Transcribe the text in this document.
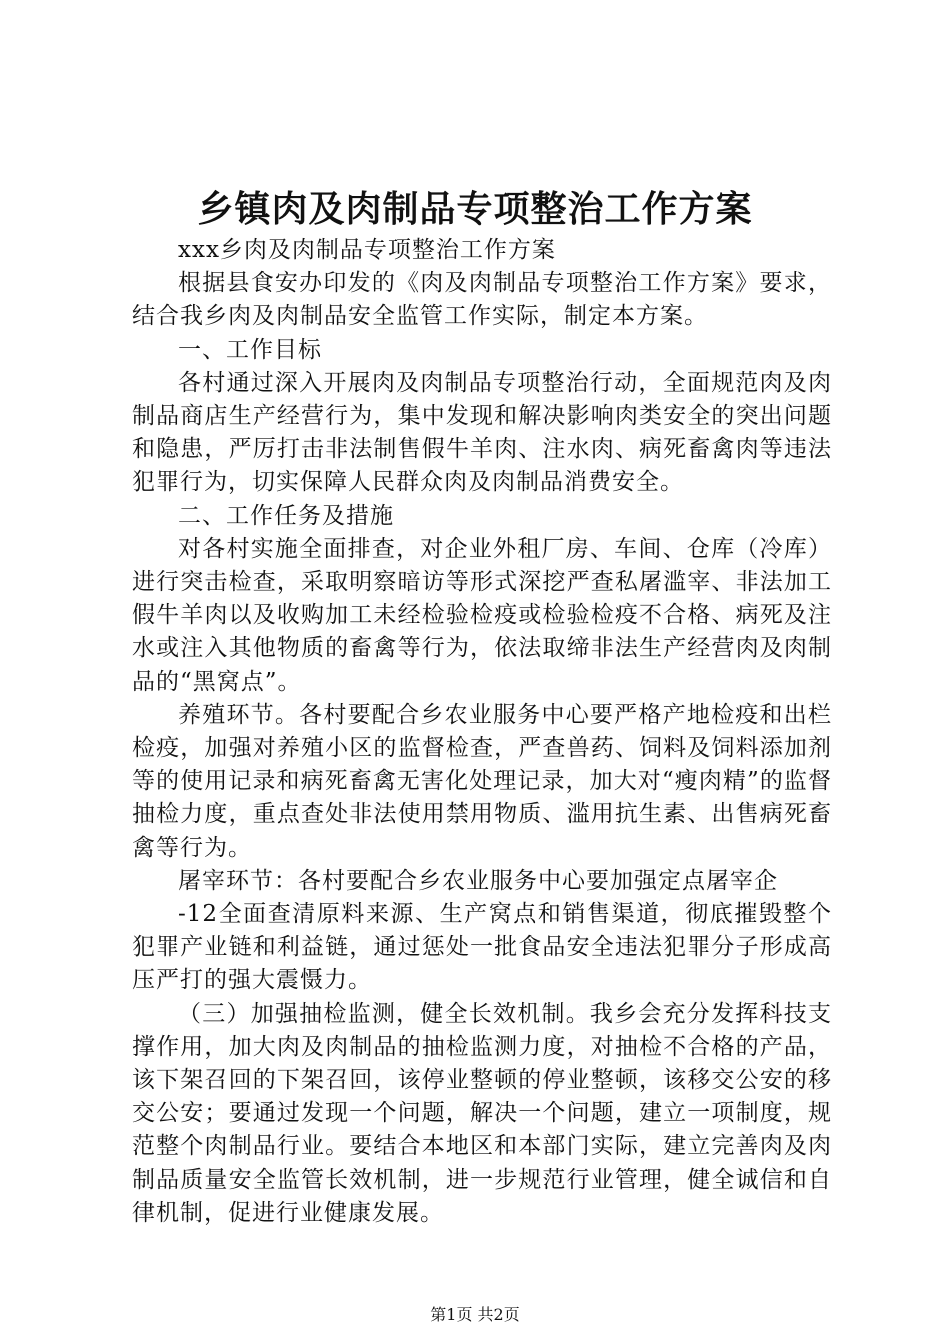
乡镇肉及肉制品专项整治工作方案

xxx乡肉及肉制品专项整治工作方案

根据县食安办印发的《肉及肉制品专项整治工作方案》要求，结合我乡肉及肉制品安全监管工作实际，制定本方案。

一、工作目标

各村通过深入开展肉及肉制品专项整治行动，全面规范肉及肉制品商店生产经营行为，集中发现和解决影响肉类安全的突出问题和隐患，严厉打击非法制售假牛羊肉、注水肉、病死畜禽肉等违法犯罪行为，切实保障人民群众肉及肉制品消费安全。

二、工作任务及措施

对各村实施全面排查，对企业外租厂房、车间、仓库（冷库）进行突击检查，采取明察暗访等形式深挖严查私屠滥宰、非法加工假牛羊肉以及收购加工未经检验检疫或检验检疫不合格、病死及注水或注入其他物质的畜禽等行为，依法取缔非法生产经营肉及肉制品的“黑窝点”。

养殖环节。各村要配合乡农业服务中心要严格产地检疫和出栏检疫，加强对养殖小区的监督检查，严查兽药、饲料及饲料添加剂等的使用记录和病死畜禽无害化处理记录，加大对“瘦肉精”的监督抽检力度，重点查处非法使用禁用物质、滥用抗生素、出售病死畜禽等行为。

屠宰环节：各村要配合乡农业服务中心要加强定点屠宰企

-12全面查清原料来源、生产窝点和销售渠道，彻底摧毁整个犯罪产业链和利益链，通过惩处一批食品安全违法犯罪分子形成高压严打的强大震慑力。

（三）加强抽检监测，健全长效机制。我乡会充分发挥科技支撑作用，加大肉及肉制品的抽检监测力度，对抽检不合格的产品，该下架召回的下架召回，该停业整顿的停业整顿，该移交公安的移交公安；要通过发现一个问题，解决一个问题，建立一项制度，规范整个肉制品行业。要结合本地区和本部门实际，建立完善肉及肉制品质量安全监管长效机制，进一步规范行业管理，健全诚信和自律机制，促进行业健康发展。

第1页 共2页
